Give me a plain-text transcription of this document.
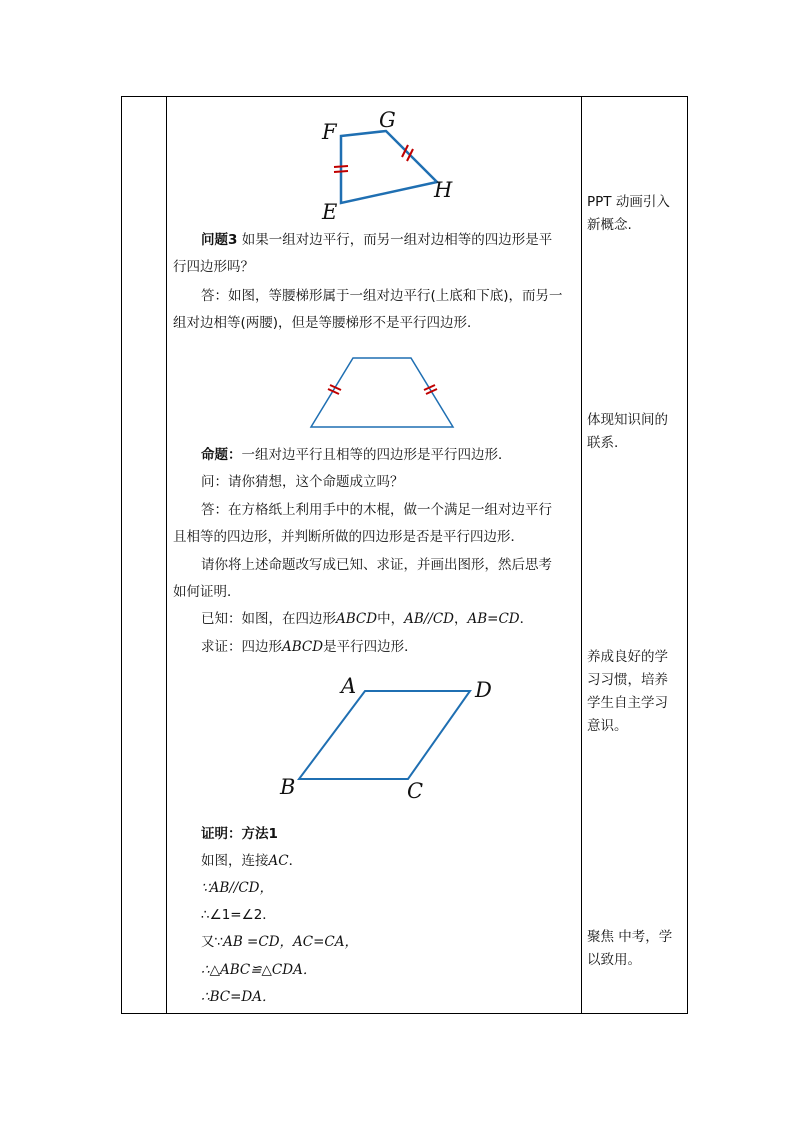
F G
H
E
问题3 如果一组对边平行，而另一组对边相等的四边形是平
行四边形吗？
答：如图，等腰梯形属于一组对边平行(上底和下底)，而另一
组对边相等(两腰)，但是等腰梯形不是平行四边形．
命题：一组对边平行且相等的四边形是平行四边形．
问：请你猜想，这个命题成立吗？
答：在方格纸上利用手中的木棍，做一个满足一组对边平行
且相等的四边形，并判断所做的四边形是否是平行四边形．
请你将上述命题改写成已知、求证，并画出图形，然后思考
如何证明．
已知：如图，在四边形ABCD中，AB//CD，AB=CD．
求证：四边形ABCD是平行四边形．
A	D
B	C
证明：方法1
如图，连接AC．
∵AB//CD，
∴∠1=∠2．
又∵AB =CD，AC=CA，
∴△ABC≌△CDA．
∴BC=DA．
PPT 动画引入
新概念.
体现知识间的
联系.
养成良好的学
习习惯，培养
学生自主学习
意识。
聚焦 中考，学
以致用。
